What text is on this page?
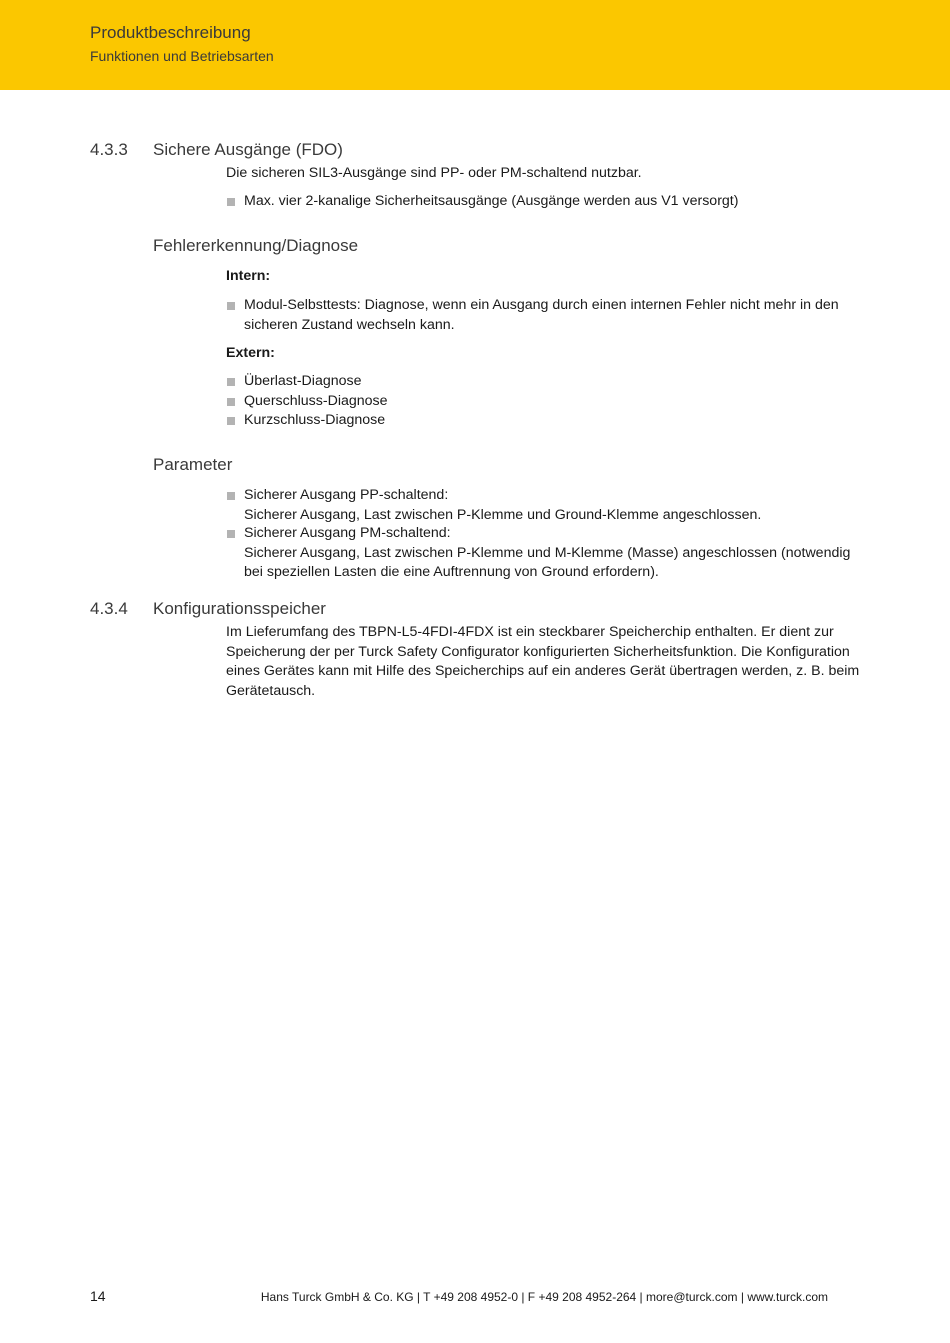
Produktbeschreibung
Funktionen und Betriebsarten
4.3.3 Sichere Ausgänge (FDO)
Die sicheren SIL3-Ausgänge sind PP- oder PM-schaltend nutzbar.
Max. vier 2-kanalige Sicherheitsausgänge (Ausgänge werden aus V1 versorgt)
Fehlererkennung/Diagnose
Intern:
Modul-Selbsttests: Diagnose, wenn ein Ausgang durch einen internen Fehler nicht mehr in den sicheren Zustand wechseln kann.
Extern:
Überlast-Diagnose
Querschluss-Diagnose
Kurzschluss-Diagnose
Parameter
Sicherer Ausgang PP-schaltend:
Sicherer Ausgang, Last zwischen P-Klemme und Ground-Klemme angeschlossen.
Sicherer Ausgang PM-schaltend:
Sicherer Ausgang, Last zwischen P-Klemme und M-Klemme (Masse) angeschlossen (notwendig bei speziellen Lasten die eine Auftrennung von Ground erfordern).
4.3.4 Konfigurationsspeicher
Im Lieferumfang des TBPN-L5-4FDI-4FDX ist ein steckbarer Speicherchip enthalten. Er dient zur Speicherung der per Turck Safety Configurator konfigurierten Sicherheitsfunktion. Die Konfiguration eines Gerätes kann mit Hilfe des Speicherchips auf ein anderes Gerät übertragen werden, z. B. beim Gerätetausch.
14	Hans Turck GmbH & Co. KG | T +49 208 4952-0 | F +49 208 4952-264 | more@turck.com | www.turck.com
